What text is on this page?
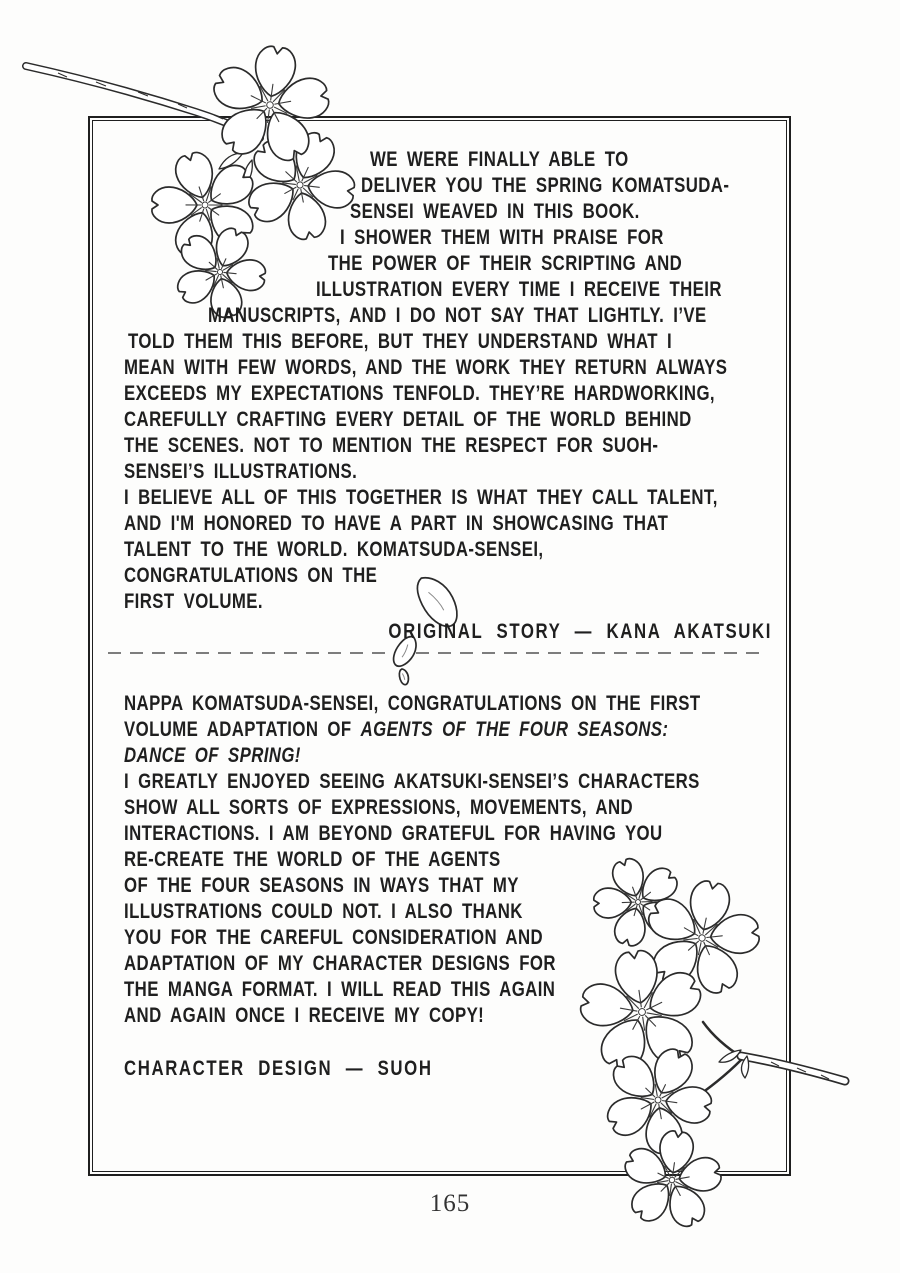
WE WERE FINALLY ABLE TO
DELIVER YOU THE SPRING KOMATSUDA-
SENSEI WEAVED IN THIS BOOK.
I SHOWER THEM WITH PRAISE FOR
THE POWER OF THEIR SCRIPTING AND
ILLUSTRATION EVERY TIME I RECEIVE THEIR
MANUSCRIPTS, AND I DO NOT SAY THAT LIGHTLY. I’VE
TOLD THEM THIS BEFORE, BUT THEY UNDERSTAND WHAT I
MEAN WITH FEW WORDS, AND THE WORK THEY RETURN ALWAYS
EXCEEDS MY EXPECTATIONS TENFOLD. THEY’RE HARDWORKING,
CAREFULLY CRAFTING EVERY DETAIL OF THE WORLD BEHIND
THE SCENES. NOT TO MENTION THE RESPECT FOR SUOH-
SENSEI’S ILLUSTRATIONS.
I BELIEVE ALL OF THIS TOGETHER IS WHAT THEY CALL TALENT,
AND I'M HONORED TO HAVE A PART IN SHOWCASING THAT
TALENT TO THE WORLD. KOMATSUDA-SENSEI,
CONGRATULATIONS ON THE
FIRST VOLUME.
ORIGINAL STORY — KANA AKATSUKI
NAPPA KOMATSUDA-SENSEI, CONGRATULATIONS ON THE FIRST
VOLUME ADAPTATION OF AGENTS OF THE FOUR SEASONS:
DANCE OF SPRING!
I GREATLY ENJOYED SEEING AKATSUKI-SENSEI’S CHARACTERS
SHOW ALL SORTS OF EXPRESSIONS, MOVEMENTS, AND
INTERACTIONS. I AM BEYOND GRATEFUL FOR HAVING YOU
RE-CREATE THE WORLD OF THE AGENTS
OF THE FOUR SEASONS IN WAYS THAT MY
ILLUSTRATIONS COULD NOT. I ALSO THANK
YOU FOR THE CAREFUL CONSIDERATION AND
ADAPTATION OF MY CHARACTER DESIGNS FOR
THE MANGA FORMAT. I WILL READ THIS AGAIN
AND AGAIN ONCE I RECEIVE MY COPY!
CHARACTER DESIGN — SUOH
165
